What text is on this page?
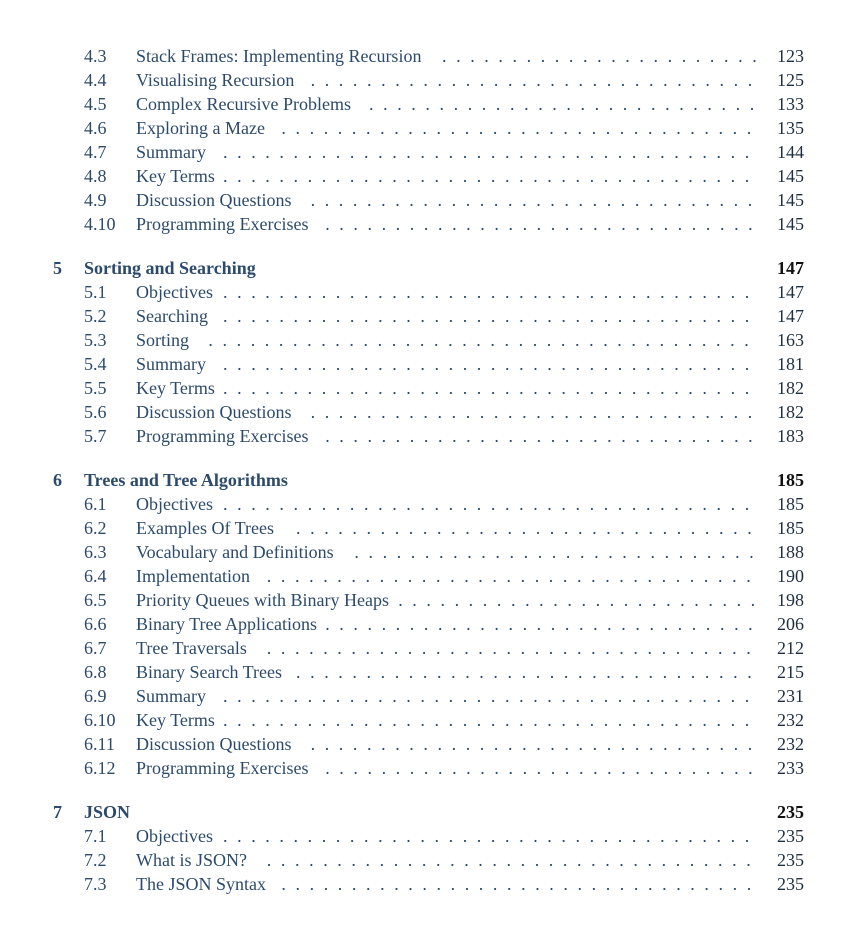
4.3 Stack Frames: Implementing Recursion	123
.......................
4.4 Visualising Recursion	125
................................
4.5 Complex Recursive Problems	133
............................
4.6 Exploring a Maze	135
..................................
4.7 Summary	144
......................................
4.8 Key Terms	145
......................................
4.9 Discussion Questions	145
................................
4.10 Programming Exercises	145
...............................
5 Sorting and Searching	147
5.1 Objectives	147
......................................
5.2 Searching	147
......................................
5.3 Sorting	163
.......................................
5.4 Summary	181
......................................
5.5 Key Terms	182
......................................
5.6 Discussion Questions	182
................................
5.7 Programming Exercises	183
...............................
6 Trees and Tree Algorithms	185
6.1 Objectives	185
......................................
6.2 Examples Of Trees	185
.................................
6.3 Vocabulary and Definitions	188
.............................
6.4 Implementation	190
...................................
6.5 Priority Queues with Binary Heaps	198
..........................
6.6 Binary Tree Applications	206
...............................
6.7 Tree Traversals	212
...................................
6.8 Binary Search Trees	215
.................................
6.9 Summary	231
......................................
6.10 Key Terms	232
......................................
6.11 Discussion Questions	232
................................
6.12 Programming Exercises	233
...............................
7 JSON	235
7.1 Objectives	235
......................................
7.2 What is JSON?	235
...................................
7.3 The JSON Syntax	235
..................................
